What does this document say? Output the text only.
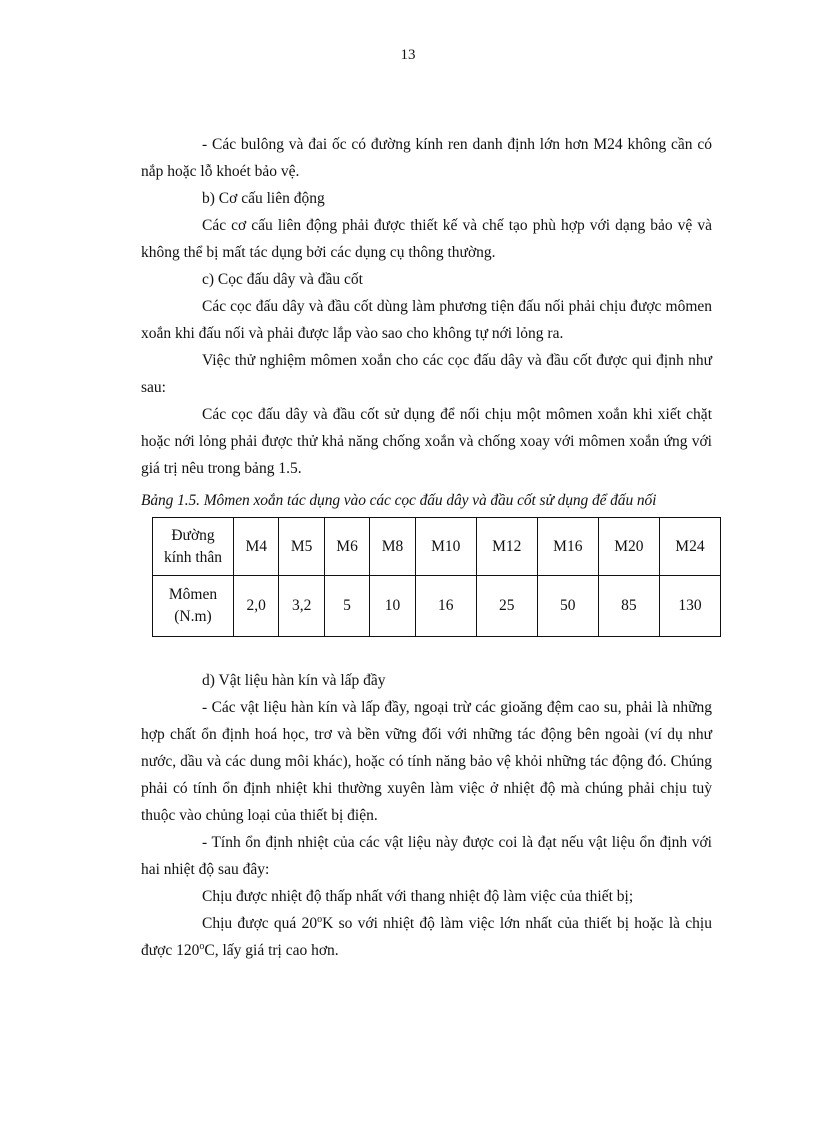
13

- Các bulông và đai ốc có đường kính ren danh định lớn hơn M24 không cần có nắp hoặc lỗ khoét bảo vệ.

b) Cơ cấu liên động

Các cơ cấu liên động phải được thiết kế và chế tạo phù hợp với dạng bảo vệ và không thể bị mất tác dụng bởi các dụng cụ thông thường.

c) Cọc đấu dây và đầu cốt

Các cọc đấu dây và đầu cốt dùng làm phương tiện đấu nối phải chịu được mômen xoắn khi đấu nối và phải được lắp vào sao cho không tự nới lỏng ra.

Việc thử nghiệm mômen xoắn cho các cọc đấu dây và đầu cốt được qui định như sau:

Các cọc đấu dây và đầu cốt sử dụng để nối chịu một mômen xoắn khi xiết chặt hoặc nới lỏng phải được thử khả năng chống xoắn và chống xoay với mômen xoắn ứng với giá trị nêu trong bảng 1.5.

Bảng 1.5. Mômen xoắn tác dụng vào các cọc đấu dây và đầu cốt sử dụng để đấu nối

Đường
kính thân	M4	M5	M6	M8	M10	M12	M16	M20	M24
Mômen
(N.m)	2,0	3,2	5	10	16	25	50	85	130

d) Vật liệu hàn kín và lấp đầy

- Các vật liệu hàn kín và lấp đầy, ngoại trừ các gioăng đệm cao su, phải là những hợp chất ổn định hoá học, trơ và bền vững đối với những tác động bên ngoài (ví dụ như nước, dầu và các dung môi khác), hoặc có tính năng bảo vệ khỏi những tác động đó. Chúng phải có tính ổn định nhiệt khi thường xuyên làm việc ở nhiệt độ mà chúng phải chịu tuỳ thuộc vào chủng loại của thiết bị điện.

- Tính ổn định nhiệt của các vật liệu này được coi là đạt nếu vật liệu ổn định với hai nhiệt độ sau đây:

Chịu được nhiệt độ thấp nhất với thang nhiệt độ làm việc của thiết bị;

Chịu được quá 20$^o$K so với nhiệt độ làm việc lớn nhất của thiết bị hoặc là chịu được 120$^o$C, lấy giá trị cao hơn.
